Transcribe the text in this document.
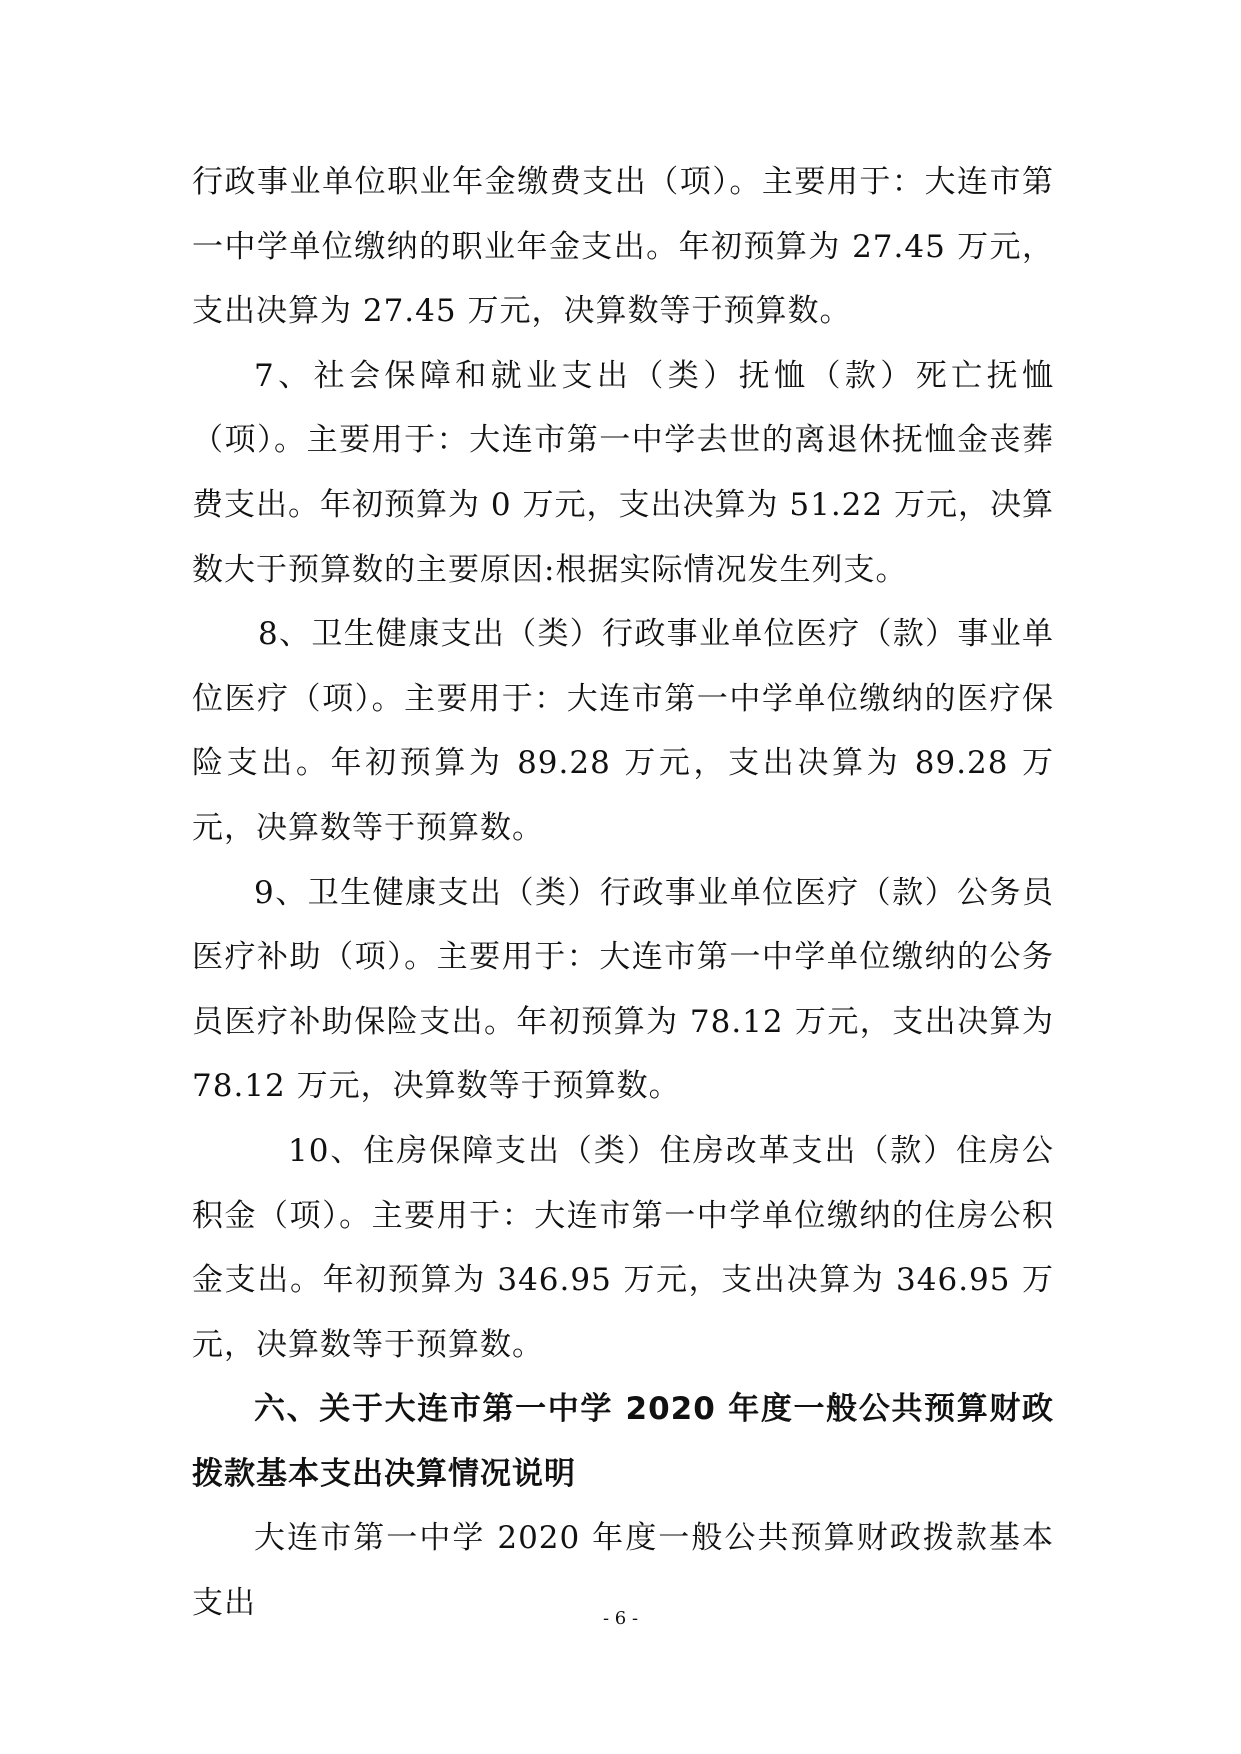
行政事业单位职业年金缴费支出（项）。主要用于：大连市第一中学单位缴纳的职业年金支出。年初预算为 27.45 万元，支出决算为 27.45 万元，决算数等于预算数。

7、社会保障和就业支出（类）抚恤（款）死亡抚恤（项）。主要用于：大连市第一中学去世的离退休抚恤金丧葬费支出。年初预算为 0 万元，支出决算为 51.22 万元，决算数大于预算数的主要原因:根据实际情况发生列支。

8、卫生健康支出（类）行政事业单位医疗（款）事业单位医疗（项）。主要用于：大连市第一中学单位缴纳的医疗保险支出。年初预算为 89.28 万元，支出决算为 89.28 万元，决算数等于预算数。

9、卫生健康支出（类）行政事业单位医疗（款）公务员医疗补助（项）。主要用于：大连市第一中学单位缴纳的公务员医疗补助保险支出。年初预算为 78.12 万元，支出决算为 78.12 万元，决算数等于预算数。

10、住房保障支出（类）住房改革支出（款）住房公积金（项）。主要用于：大连市第一中学单位缴纳的住房公积金支出。年初预算为 346.95 万元，支出决算为 346.95 万元，决算数等于预算数。

六、关于大连市第一中学 2020 年度一般公共预算财政拨款基本支出决算情况说明

大连市第一中学 2020 年度一般公共预算财政拨款基本支出	- 6 -
